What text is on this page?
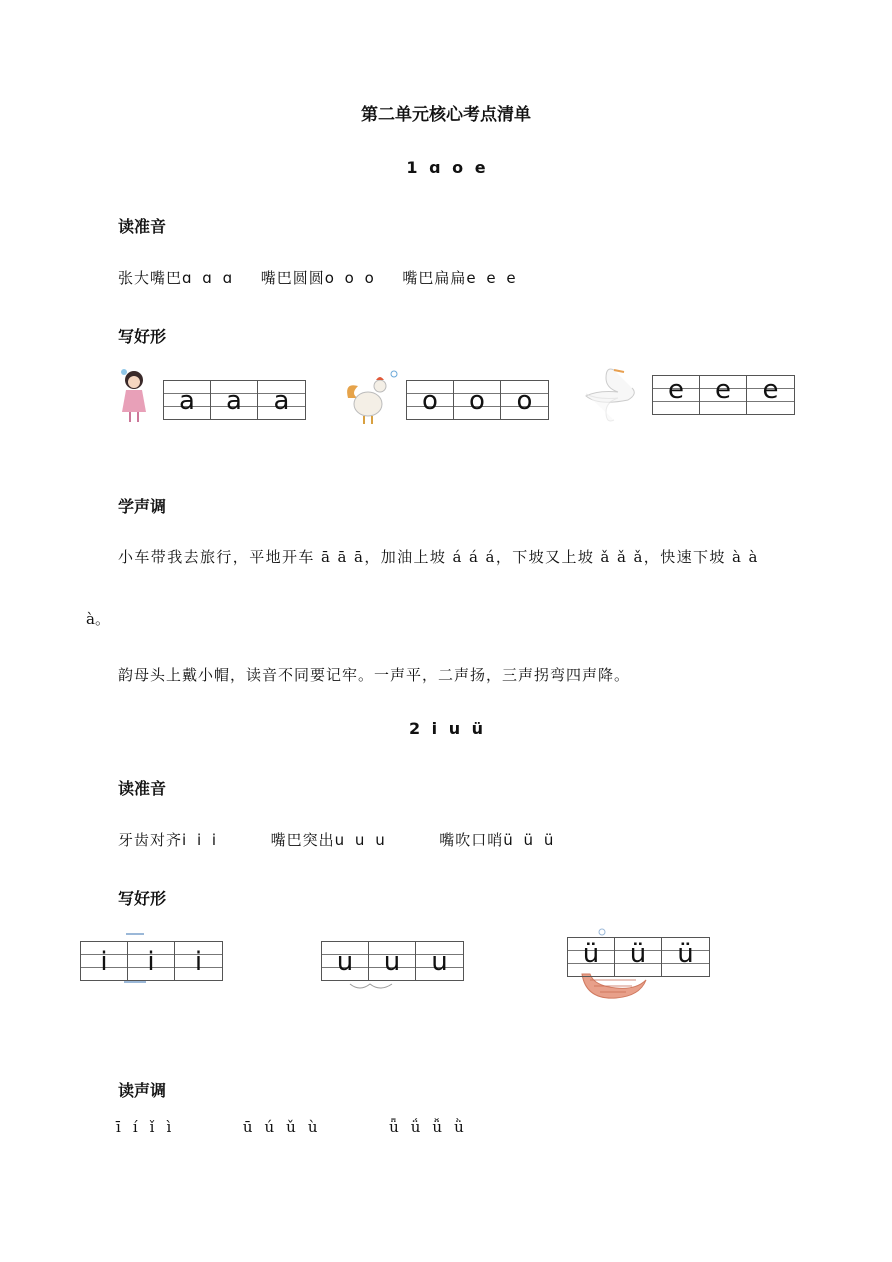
第二单元核心考点清单
1 ɑ o e
读准音
张大嘴巴ɑ ɑ ɑ 嘴巴圆圆o o o 嘴巴扁扁e e e
写好形
a	a	a	o	o	o	e	e	e
学声调
小车带我去旅行，平地开车 ā ā ā，加油上坡 á á á，下坡又上坡 ǎ ǎ ǎ，快速下坡 à à
à。
韵母头上戴小帽，读音不同要记牢。一声平，二声扬，三声拐弯四声降。
2 i u ü
读准音
牙齿对齐i i i	嘴巴突出u u u	嘴吹口哨ü ü ü
写好形
i	i	i	u	u	u	ü	ü	ü
读声调
ī í ǐ ì	ū ú ǔ ù	ǖ ǘ ǚ ǜ
